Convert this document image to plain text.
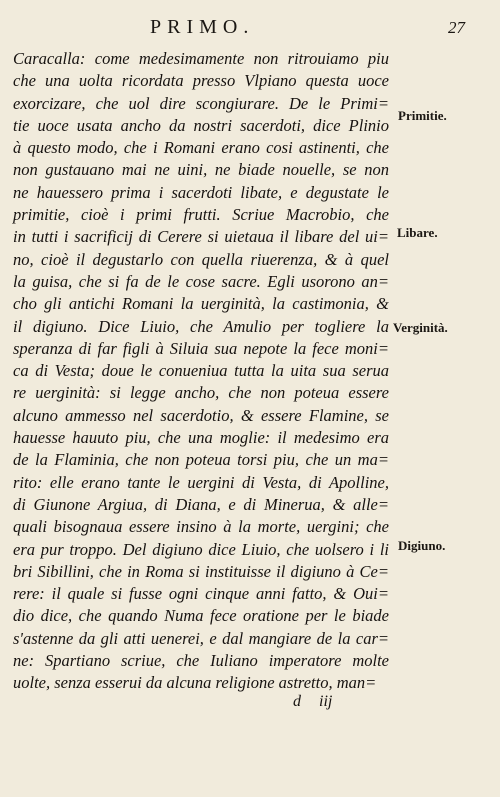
PRIMO.	27
Caracalla: come medesimamente non ritrouiamo piu
che una uolta ricordata presso Vlpiano questa uoce
exorcizare, che uol dire scongiurare. De le Primi=
tie uoce usata ancho da nostri sacerdoti, dice Plinio
à questo modo, che i Romani erano cosi astinenti, che
non gustauano mai ne uini, ne biade nouelle, se non
ne hauessero prima i sacerdoti libate, e degustate le
primitie, cioè i primi frutti. Scriue Macrobio, che
in tutti i sacrificij di Cerere si uietaua il libare del ui=
no, cioè il degustarlo con quella riuerenza, & à quel
la guisa, che si fa de le cose sacre. Egli usorono an=
cho gli antichi Romani la uerginità, la castimonia, &
il digiuno. Dice Liuio, che Amulio per togliere la
speranza di far figli à Siluia sua nepote la fece moni=
ca di Vesta; doue le conueniua tutta la uita sua serua
re uerginità: si legge ancho, che non poteua essere
alcuno ammesso nel sacerdotio, & essere Flamine, se
hauesse hauuto piu, che una moglie: il medesimo era
de la Flaminia, che non poteua torsi piu, che un ma=
rito: elle erano tante le uergini di Vesta, di Apolline,
di Giunone Argiua, di Diana, e di Minerua, & alle=
quali bisognaua essere insino à la morte, uergini; che
era pur troppo. Del digiuno dice Liuio, che uolsero i li
bri Sibillini, che in Roma si instituisse il digiuno à Ce=
rere: il quale si fusse ogni cinque anni fatto, & Oui=
dio dice, che quando Numa fece oratione per le biade
s'astenne da gli atti uenerei, e dal mangiare de la car=
ne: Spartiano scriue, che Iuliano imperatore molte
uolte, senza esserui da alcuna religione astretto, man=
d iij
Primitie.
Libare.
Verginità.
Digiuno.
